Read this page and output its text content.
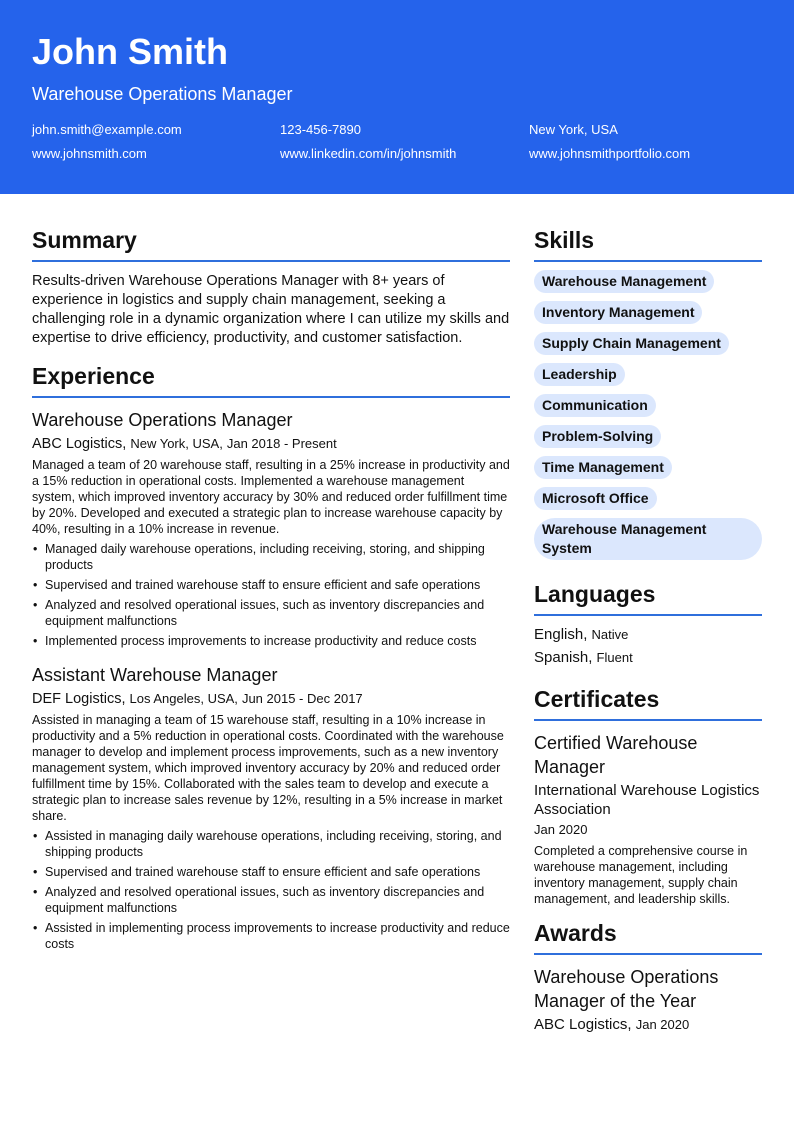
John Smith
Warehouse Operations Manager
john.smith@example.com	123-456-7890	New York, USA
www.johnsmith.com	www.linkedin.com/in/johnsmith	www.johnsmithportfolio.com
Summary
Results-driven Warehouse Operations Manager with 8+ years of experience in logistics and supply chain management, seeking a challenging role in a dynamic organization where I can utilize my skills and expertise to drive efficiency, productivity, and customer satisfaction.
Experience
Warehouse Operations Manager
ABC Logistics, New York, USA, Jan 2018 - Present
Managed a team of 20 warehouse staff, resulting in a 25% increase in productivity and a 15% reduction in operational costs. Implemented a warehouse management system, which improved inventory accuracy by 30% and reduced order fulfillment time by 20%. Developed and executed a strategic plan to increase warehouse capacity by 40%, resulting in a 10% increase in revenue.
• Managed daily warehouse operations, including receiving, storing, and shipping products
• Supervised and trained warehouse staff to ensure efficient and safe operations
• Analyzed and resolved operational issues, such as inventory discrepancies and equipment malfunctions
• Implemented process improvements to increase productivity and reduce costs
Assistant Warehouse Manager
DEF Logistics, Los Angeles, USA, Jun 2015 - Dec 2017
Assisted in managing a team of 15 warehouse staff, resulting in a 10% increase in productivity and a 5% reduction in operational costs. Coordinated with the warehouse manager to develop and implement process improvements, such as a new inventory management system, which improved inventory accuracy by 20% and reduced order fulfillment time by 15%. Collaborated with the sales team to develop and execute a strategic plan to increase sales revenue by 12%, resulting in a 5% increase in market share.
• Assisted in managing daily warehouse operations, including receiving, storing, and shipping products
• Supervised and trained warehouse staff to ensure efficient and safe operations
• Analyzed and resolved operational issues, such as inventory discrepancies and equipment malfunctions
• Assisted in implementing process improvements to increase productivity and reduce costs
Skills
Warehouse Management
Inventory Management
Supply Chain Management
Leadership
Communication
Problem-Solving
Time Management
Microsoft Office
Warehouse Management System
Languages
English, Native
Spanish, Fluent
Certificates
Certified Warehouse Manager
International Warehouse Logistics Association
Jan 2020
Completed a comprehensive course in warehouse management, including inventory management, supply chain management, and leadership skills.
Awards
Warehouse Operations Manager of the Year
ABC Logistics, Jan 2020
